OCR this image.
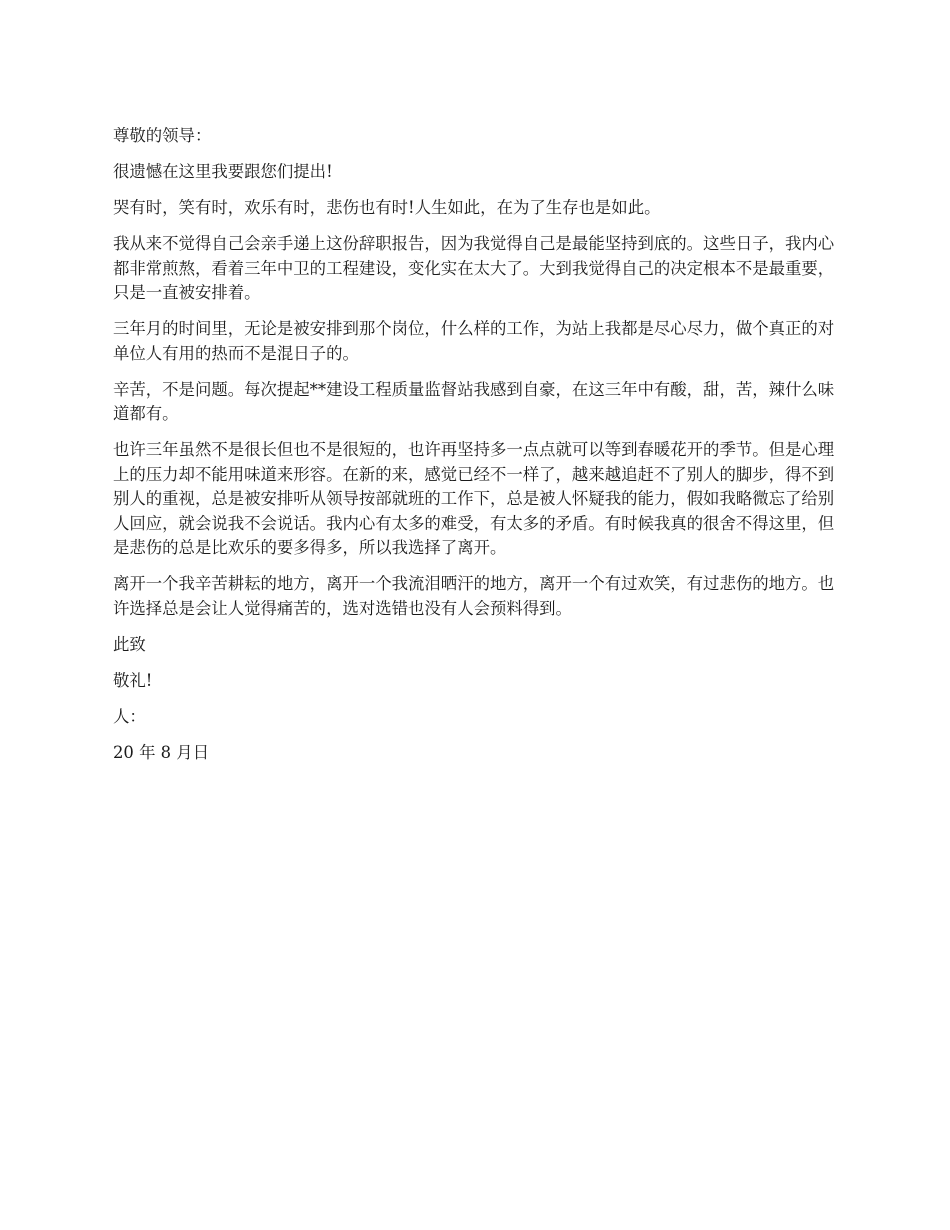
尊敬的领导：

很遗憾在这里我要跟您们提出!

哭有时，笑有时，欢乐有时，悲伤也有时!人生如此，在为了生存也是如此。

我从来不觉得自己会亲手递上这份辞职报告，因为我觉得自己是最能坚持到底的。这些日子，我内心都非常煎熬，看着三年中卫的工程建设，变化实在太大了。大到我觉得自己的决定根本不是最重要，只是一直被安排着。

三年月的时间里，无论是被安排到那个岗位，什么样的工作，为站上我都是尽心尽力，做个真正的对单位人有用的热而不是混日子的。

辛苦，不是问题。每次提起**建设工程质量监督站我感到自豪，在这三年中有酸，甜，苦，辣什么味道都有。

也许三年虽然不是很长但也不是很短的，也许再坚持多一点点就可以等到春暖花开的季节。但是心理上的压力却不能用味道来形容。在新的来，感觉已经不一样了，越来越追赶不了别人的脚步，得不到别人的重视，总是被安排听从领导按部就班的工作下，总是被人怀疑我的能力，假如我略微忘了给别人回应，就会说我不会说话。我内心有太多的难受，有太多的矛盾。有时候我真的很舍不得这里，但是悲伤的总是比欢乐的要多得多，所以我选择了离开。

离开一个我辛苦耕耘的地方，离开一个我流泪晒汗的地方，离开一个有过欢笑，有过悲伤的地方。也许选择总是会让人觉得痛苦的，选对选错也没有人会预料得到。

此致

敬礼!

人：

20 年 8 月日
